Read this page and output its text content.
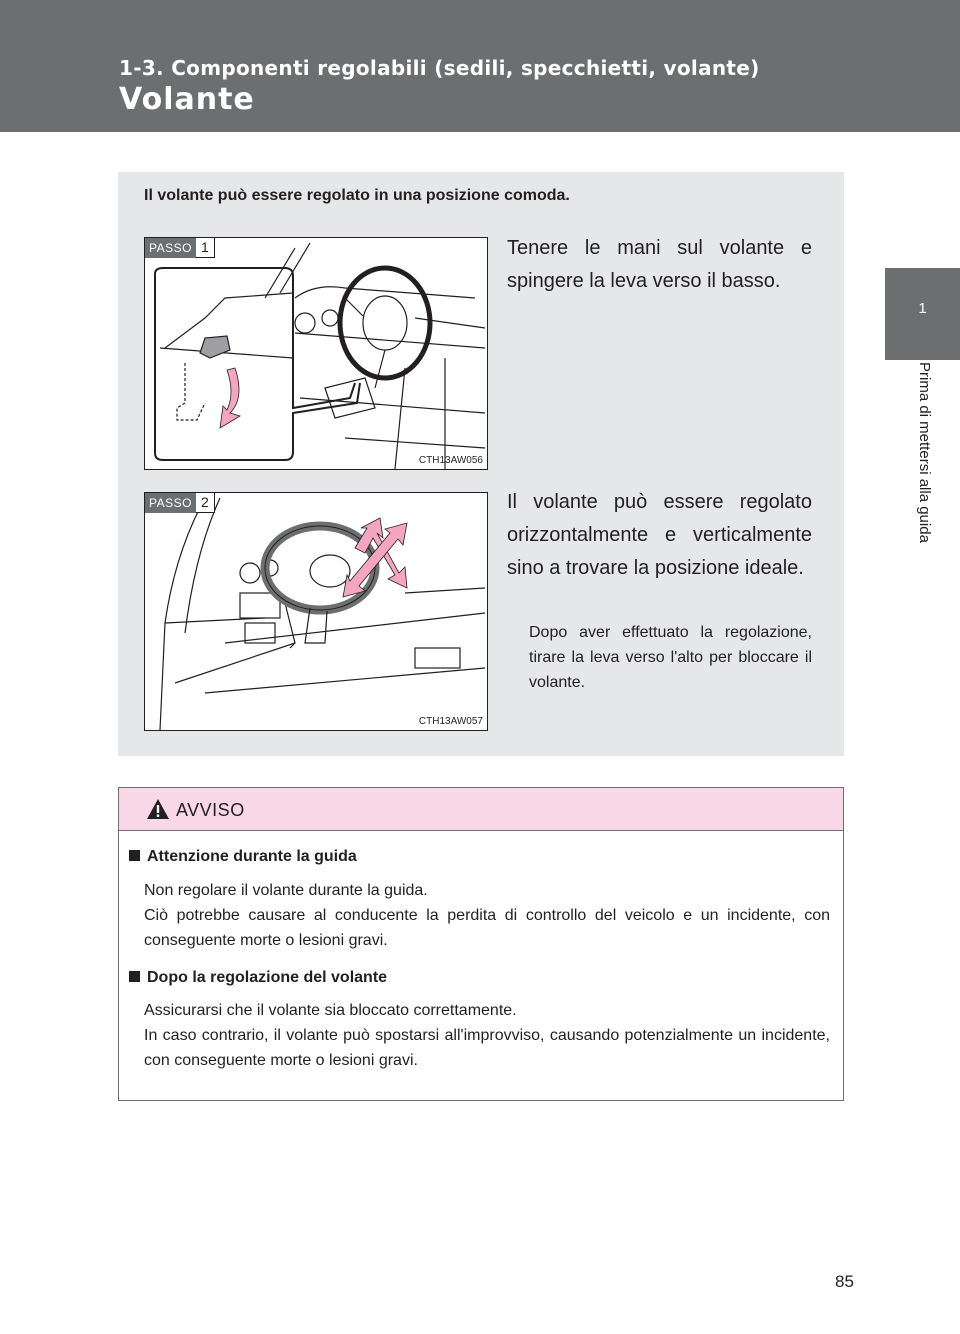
1-3. Componenti regolabili (sedili, specchietti, volante)
Volante
1
Prima di mettersi alla guida
Il volante può essere regolato in una posizione comoda.
PASSO 1
CTH13AW056
Tenere le mani sul volante e spingere la leva verso il basso.
PASSO 2
CTH13AW057
Il volante può essere regolato orizzontalmente e verticalmente sino a trovare la posizione ideale.
Dopo aver effettuato la regolazione, tirare la leva verso l'alto per bloccare il volante.
AVVISO
Attenzione durante la guida
Non regolare il volante durante la guida.
Ciò potrebbe causare al conducente la perdita di controllo del veicolo e un incidente, con conseguente morte o lesioni gravi.
Dopo la regolazione del volante
Assicurarsi che il volante sia bloccato correttamente.
In caso contrario, il volante può spostarsi all'improvviso, causando potenzialmente un incidente, con conseguente morte o lesioni gravi.
85
